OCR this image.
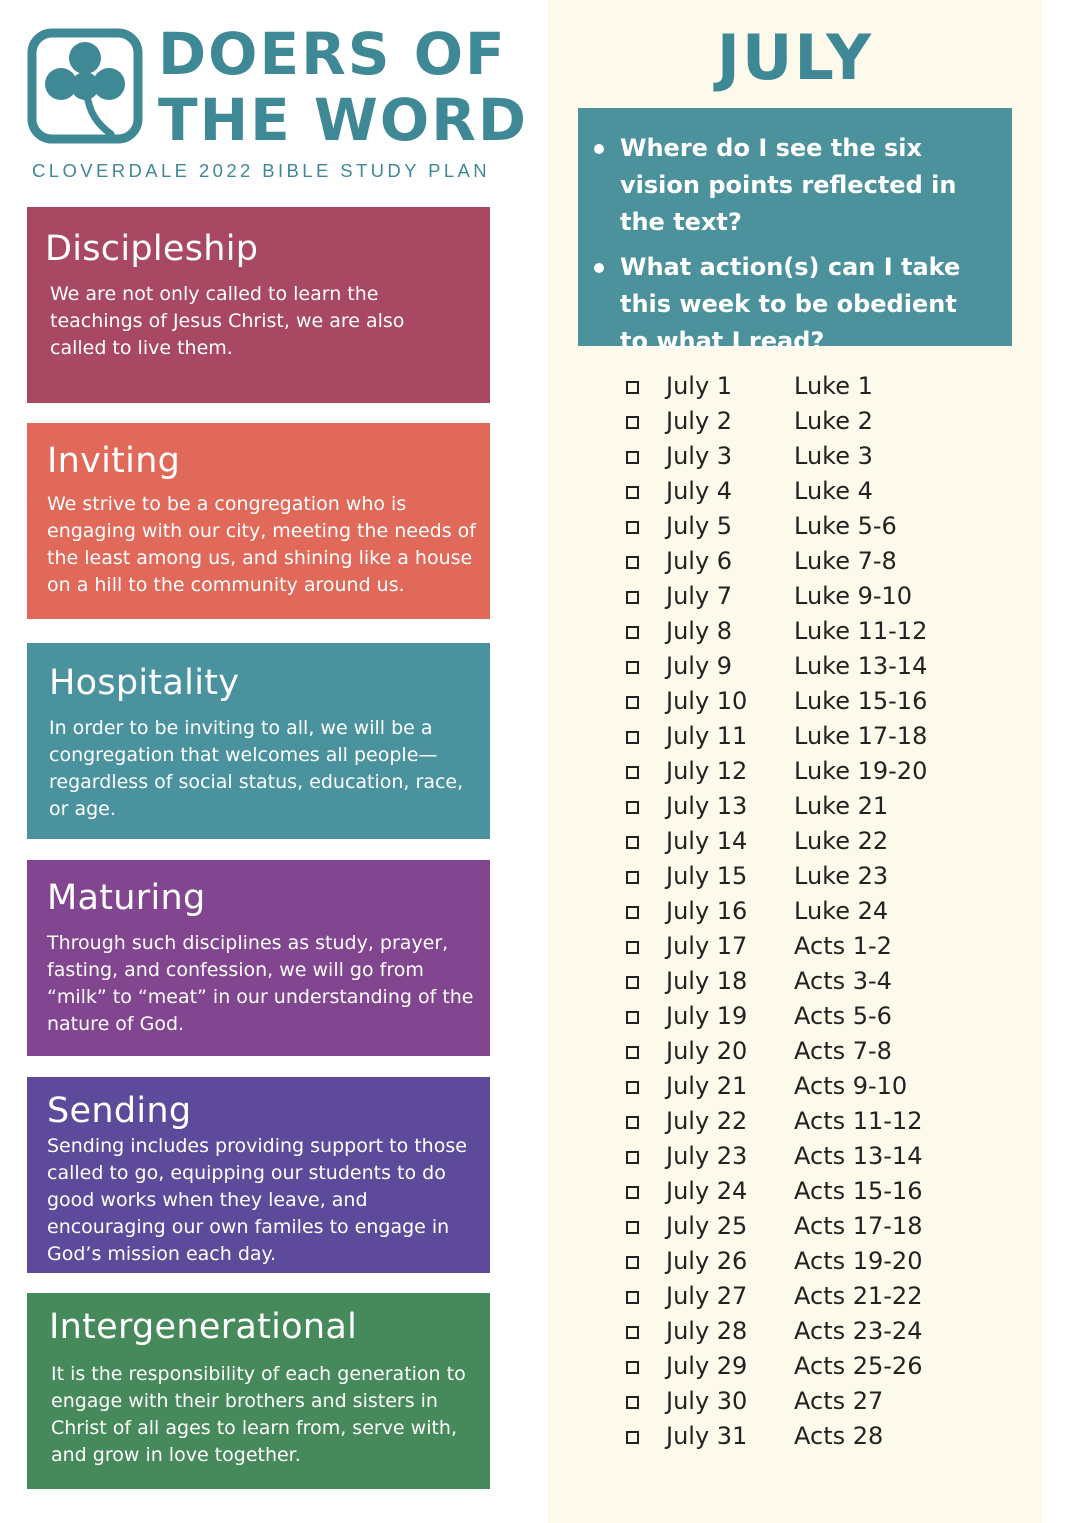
DOERS OF
THE WORD
CLOVERDALE 2022 BIBLE STUDY PLAN
Discipleship

We are not only called to learn the teachings of Jesus Christ, we are also called to live them.

Inviting

We strive to be a congregation who is engaging with our city, meeting the needs of the least among us, and shining like a house on a hill to the community around us.

Hospitality

In order to be inviting to all, we will be a congregation that welcomes all people—regardless of social status, education, race, or age.

Maturing

Through such disciplines as study, prayer, fasting, and confession, we will go from “milk” to “meat” in our understanding of the nature of God.

Sending

Sending includes providing support to those called to go, equipping our students to do good works when they leave, and encouraging our own familes to engage in God’s mission each day.

Intergenerational

It is the responsibility of each generation to engage with their brothers and sisters in Christ of all ages to learn from, serve with, and grow in love together.

JULY
Where do I see the six vision points reflected in the text?
What action(s) can I take this week to be obedient to what I read?
July 1	Luke 1
July 2	Luke 2
July 3	Luke 3
July 4	Luke 4
July 5	Luke 5-6
July 6	Luke 7-8
July 7	Luke 9-10
July 8	Luke 11-12
July 9	Luke 13-14
July 10 Luke 15-16
July 11 Luke 17-18
July 12 Luke 19-20
July 13 Luke 21
July 14 Luke 22
July 15 Luke 23
July 16 Luke 24
July 17 Acts 1-2
July 18 Acts 3-4
July 19 Acts 5-6
July 20 Acts 7-8
July 21 Acts 9-10
July 22 Acts 11-12
July 23 Acts 13-14
July 24 Acts 15-16
July 25 Acts 17-18
July 26 Acts 19-20
July 27 Acts 21-22
July 28 Acts 23-24
July 29 Acts 25-26
July 30 Acts 27
July 31 Acts 28
